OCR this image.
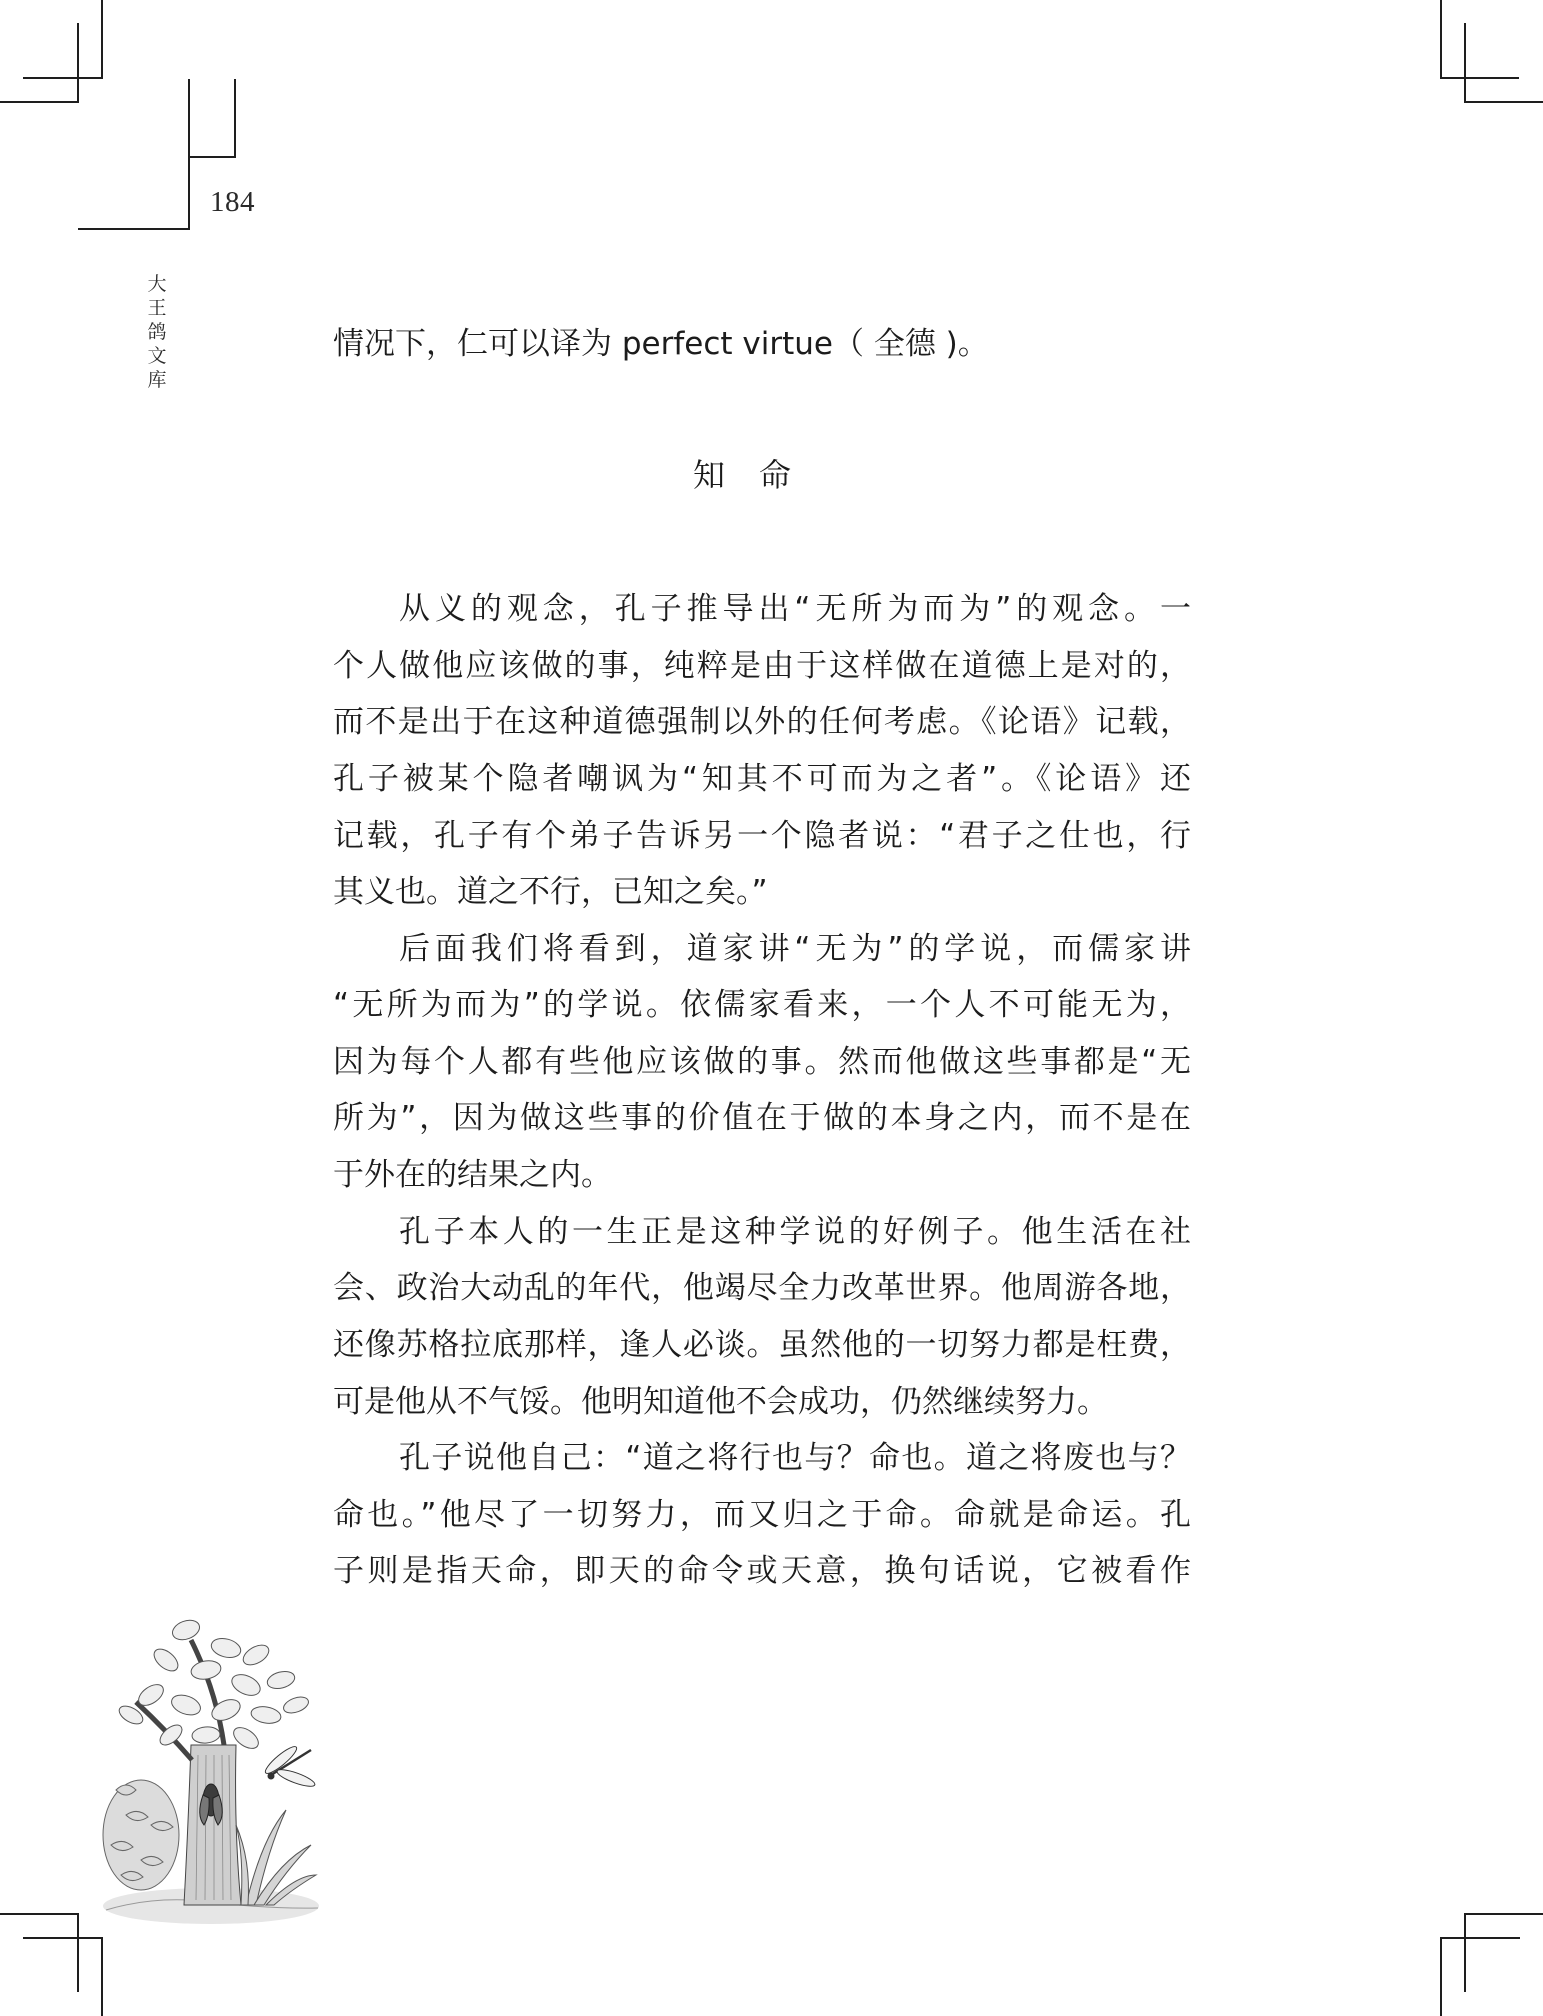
184
大
王
鸽
文
库
情况下，仁可以译为 perfect virtue（ 全德 )。
知命
从义的观念，孔子推导出“无所为而为”的观念。一
个人做他应该做的事，纯粹是由于这样做在道德上是对的，
而不是出于在这种道德强制以外的任何考虑。《论语》记载，
孔子被某个隐者嘲讽为“知其不可而为之者”。《论语》还
记载，孔子有个弟子告诉另一个隐者说：“君子之仕也，行
其义也。道之不行，已知之矣。”
后面我们将看到，道家讲“无为”的学说，而儒家讲
“无所为而为”的学说。依儒家看来，一个人不可能无为，
因为每个人都有些他应该做的事。然而他做这些事都是“无
所为”，因为做这些事的价值在于做的本身之内，而不是在
于外在的结果之内。
孔子本人的一生正是这种学说的好例子。他生活在社
会、政治大动乱的年代，他竭尽全力改革世界。他周游各地，
还像苏格拉底那样，逢人必谈。虽然他的一切努力都是枉费，
可是他从不气馁。他明知道他不会成功，仍然继续努力。
孔子说他自己：“道之将行也与？命也。道之将废也与？
命也。”他尽了一切努力，而又归之于命。命就是命运。孔
子则是指天命，即天的命令或天意，换句话说，它被看作
